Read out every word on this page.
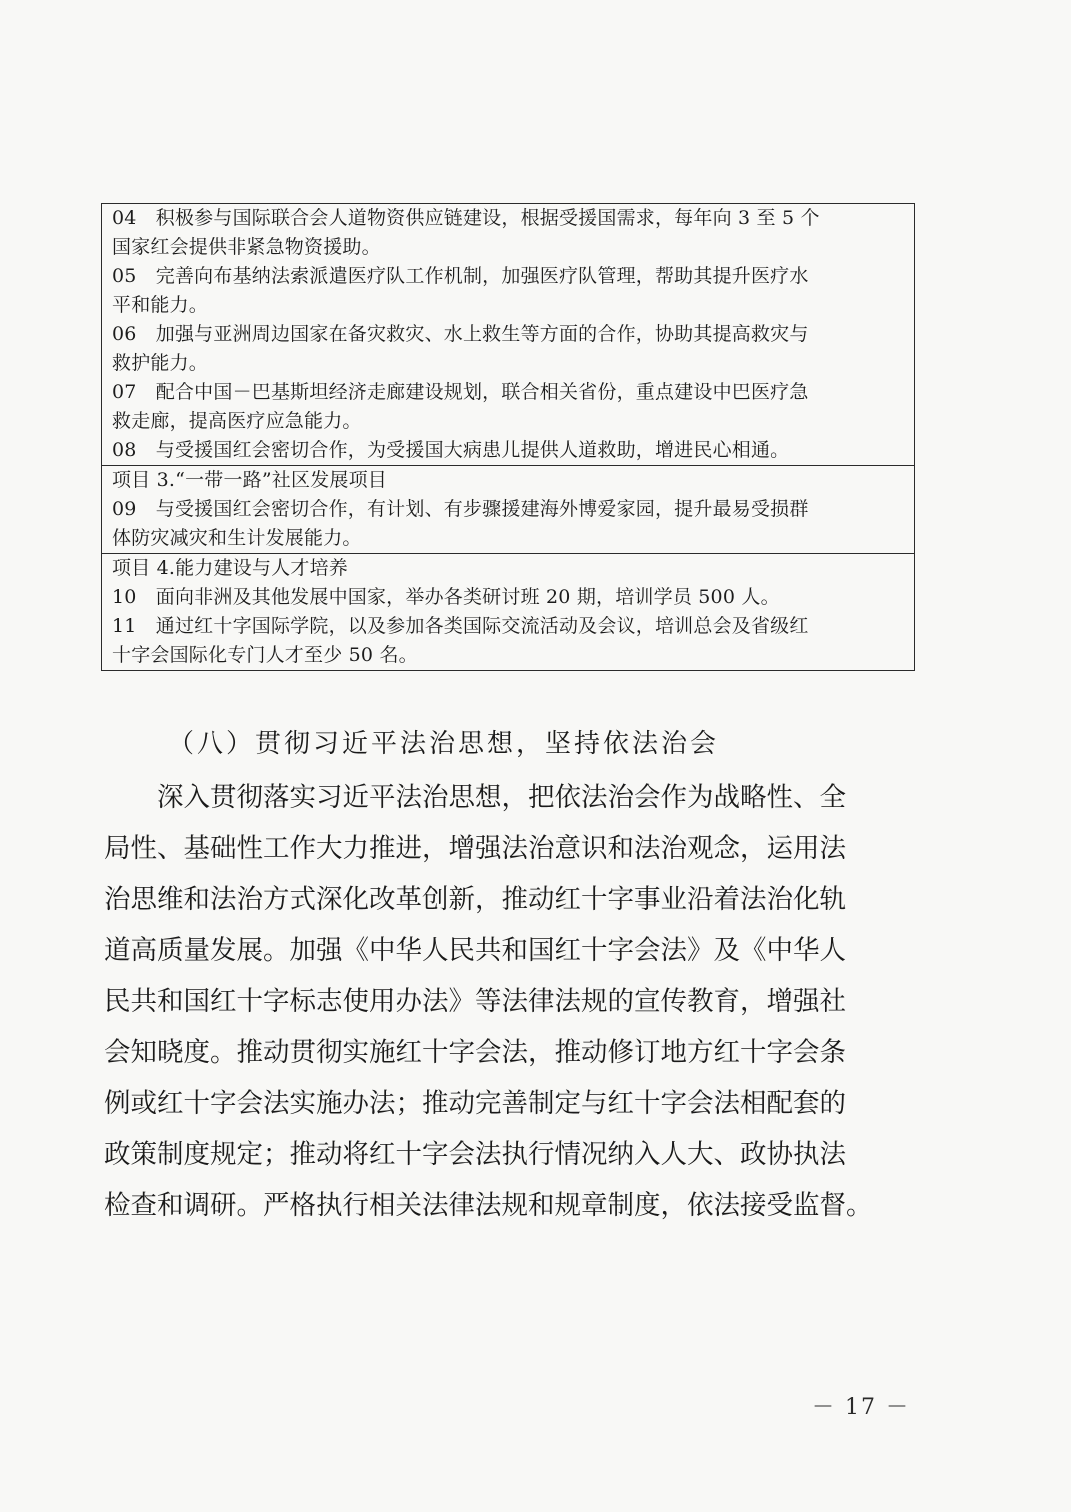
04　积极参与国际联合会人道物资供应链建设，根据受援国需求，每年向 3 至 5 个
国家红会提供非紧急物资援助。
05　完善向布基纳法索派遣医疗队工作机制，加强医疗队管理，帮助其提升医疗水
平和能力。
06　加强与亚洲周边国家在备灾救灾、水上救生等方面的合作，协助其提高救灾与
救护能力。
07　配合中国－巴基斯坦经济走廊建设规划，联合相关省份，重点建设中巴医疗急
救走廊，提高医疗应急能力。
08　与受援国红会密切合作，为受援国大病患儿提供人道救助，增进民心相通。
项目 3.“一带一路”社区发展项目
09　与受援国红会密切合作，有计划、有步骤援建海外博爱家园，提升最易受损群
体防灾减灾和生计发展能力。
项目 4.能力建设与人才培养
10　面向非洲及其他发展中国家，举办各类研讨班 20 期，培训学员 500 人。
11　通过红十字国际学院，以及参加各类国际交流活动及会议，培训总会及省级红
十字会国际化专门人才至少 50 名。
（八）贯彻习近平法治思想，坚持依法治会
　　深入贯彻落实习近平法治思想，把依法治会作为战略性、全
局性、基础性工作大力推进，增强法治意识和法治观念，运用法
治思维和法治方式深化改革创新，推动红十字事业沿着法治化轨
道高质量发展。加强《中华人民共和国红十字会法》及《中华人
民共和国红十字标志使用办法》等法律法规的宣传教育，增强社
会知晓度。推动贯彻实施红十字会法，推动修订地方红十字会条
例或红十字会法实施办法；推动完善制定与红十字会法相配套的
政策制度规定；推动将红十字会法执行情况纳入人大、政协执法
检查和调研。严格执行相关法律法规和规章制度，依法接受监督。
－ 17 －
